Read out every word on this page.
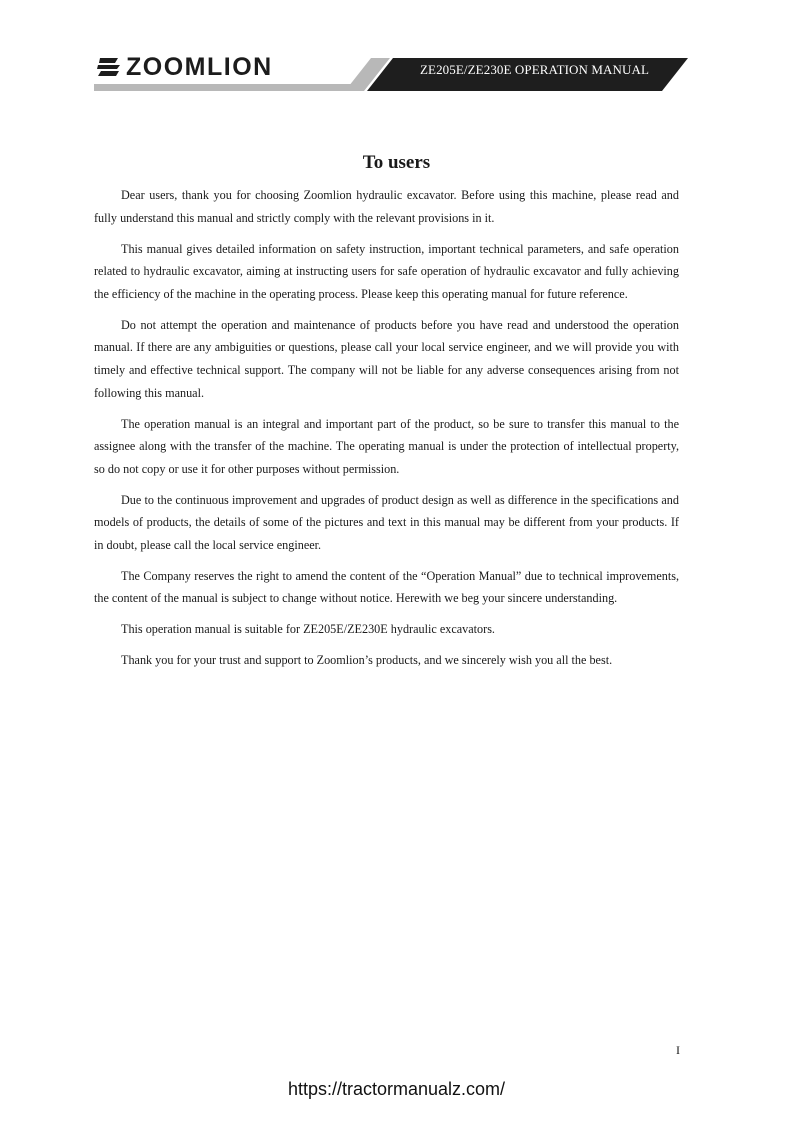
ZOOMLION	ZE205E/ZE230E OPERATION MANUAL
To users

Dear users, thank you for choosing Zoomlion hydraulic excavator. Before using this machine, please read and fully understand this manual and strictly comply with the relevant provisions in it.

This manual gives detailed information on safety instruction, important technical parameters, and safe operation related to hydraulic excavator, aiming at instructing users for safe operation of hydraulic excavator and fully achieving the efficiency of the machine in the operating process. Please keep this operating manual for future reference.

Do not attempt the operation and maintenance of products before you have read and understood the operation manual. If there are any ambiguities or questions, please call your local service engineer, and we will provide you with timely and effective technical support. The company will not be liable for any adverse consequences arising from not following this manual.

The operation manual is an integral and important part of the product, so be sure to transfer this manual to the assignee along with the transfer of the machine. The operating manual is under the protection of intellectual property, so do not copy or use it for other purposes without permission.

Due to the continuous improvement and upgrades of product design as well as difference in the specifications and models of products, the details of some of the pictures and text in this manual may be different from your products. If in doubt, please call the local service engineer.

The Company reserves the right to amend the content of the “Operation Manual” due to technical improvements, the content of the manual is subject to change without notice. Herewith we beg your sincere understanding.

This operation manual is suitable for ZE205E/ZE230E hydraulic excavators.

Thank you for your trust and support to Zoomlion’s products, and we sincerely wish you all the best.

I
https://tractormanualz.com/
